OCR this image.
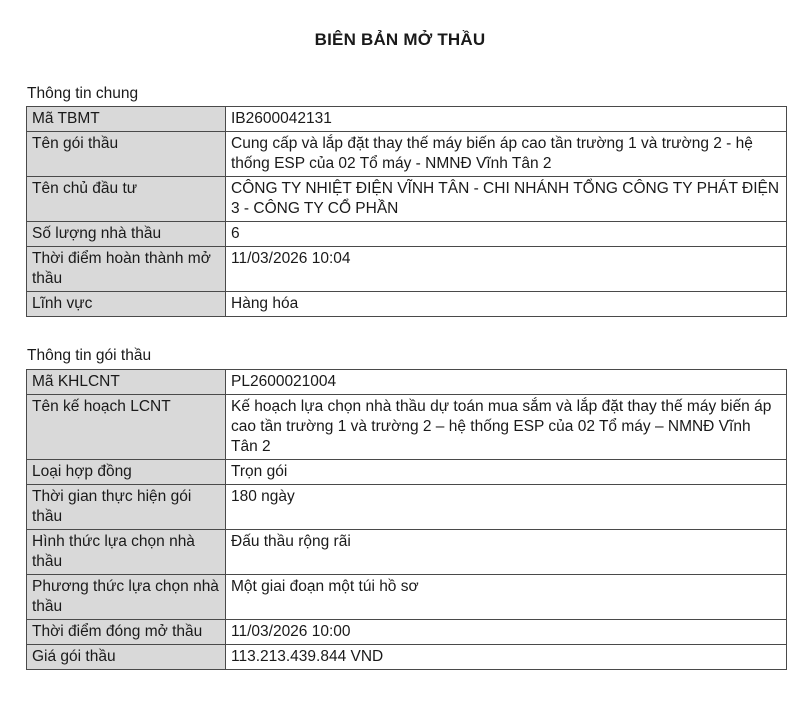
BIÊN BẢN MỞ THẦU
Thông tin chung
Mã TBMT	IB2600042131
Tên gói thầu	Cung cấp và lắp đặt thay thế máy biến áp cao tần trường 1 và trường 2 - hệ thống ESP của 02 Tổ máy - NMNĐ Vĩnh Tân 2
Tên chủ đầu tư	CÔNG TY NHIỆT ĐIỆN VĨNH TÂN - CHI NHÁNH TỔNG CÔNG TY PHÁT ĐIỆN 3 - CÔNG TY CỔ PHẦN
Số lượng nhà thầu	6
Thời điểm hoàn thành mở thầu	11/03/2026 10:04
Lĩnh vực	Hàng hóa
Thông tin gói thầu
Mã KHLCNT	PL2600021004
Tên kế hoạch LCNT	Kế hoạch lựa chọn nhà thầu dự toán mua sắm và lắp đặt thay thế máy biến áp cao tần trường 1 và trường 2 – hệ thống ESP của 02 Tổ máy – NMNĐ Vĩnh Tân 2
Loại hợp đồng	Trọn gói
Thời gian thực hiện gói thầu	180 ngày
Hình thức lựa chọn nhà thầu	Đấu thầu rộng rãi
Phương thức lựa chọn nhà thầu	Một giai đoạn một túi hồ sơ
Thời điểm đóng mở thầu	11/03/2026 10:00
Giá gói thầu	113.213.439.844 VND
